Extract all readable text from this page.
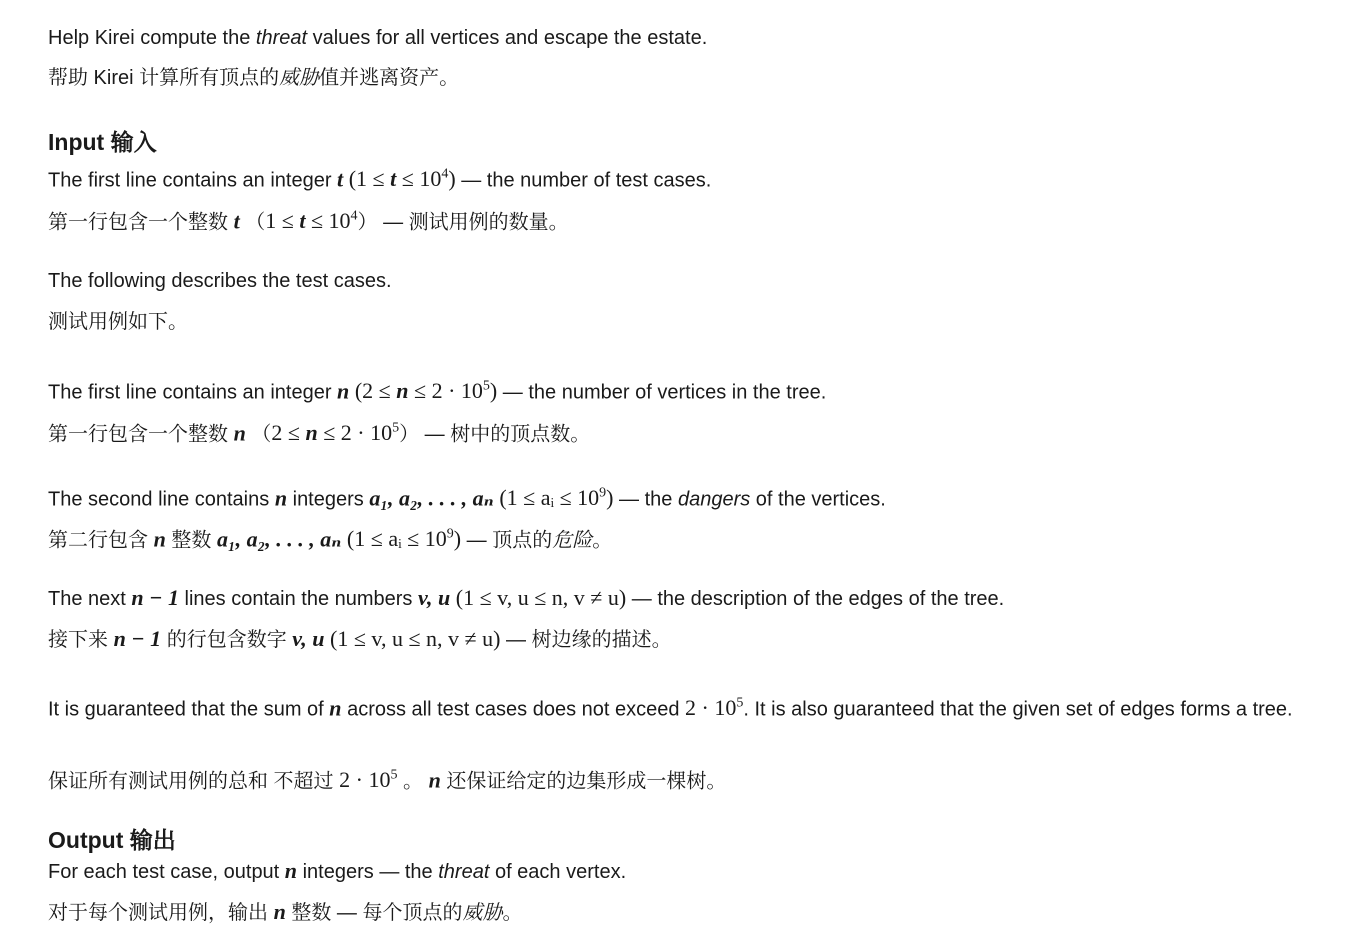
Help Kirei compute the threat values for all vertices and escape the estate.
帮助 Kirei 计算所有顶点的威胁值并逃离资产。
Input 输入
The first line contains an integer t $(1 \le t \le 10^4)$ — the number of test cases.
第一行包含一个整数 t $(1 \le t \le 10^4)$ — 测试用例的数量。
The following describes the test cases.
测试用例如下。
The first line contains an integer n $(2 \le n \le 2 \cdot 10^5)$ — the number of vertices in the tree.
第一行包含一个整数 n $(2 \le n \le 2 \cdot 10^5)$ — 树中的顶点数。
The second line contains n integers a₁, a₂, . . . , aₙ (1 ≤ aᵢ ≤ $10^9$) — the dangers of the vertices.
第二行包含 n 整数 a₁, a₂, . . . , aₙ (1 ≤ aᵢ ≤ $10^9$) — 顶点的危险。
The next n − 1 lines contain the numbers v, u (1 ≤ v, u ≤ n, v ≠ u) — the description of the edges of the tree.
接下来 n − 1 的行包含数字 v, u (1 ≤ v, u ≤ n, v ≠ u) — 树边缘的描述。
It is guaranteed that the sum of n across all test cases does not exceed $2 \cdot 10^5$. It is also guaranteed that the given set of edges forms a tree.
保证所有测试用例的总和 不超过 $2 \cdot 10^5$ 。 n 还保证给定的边集形成一棵树。
Output 输出
For each test case, output n integers — the threat of each vertex.
对于每个测试用例，输出 n 整数 — 每个顶点的威胁。
